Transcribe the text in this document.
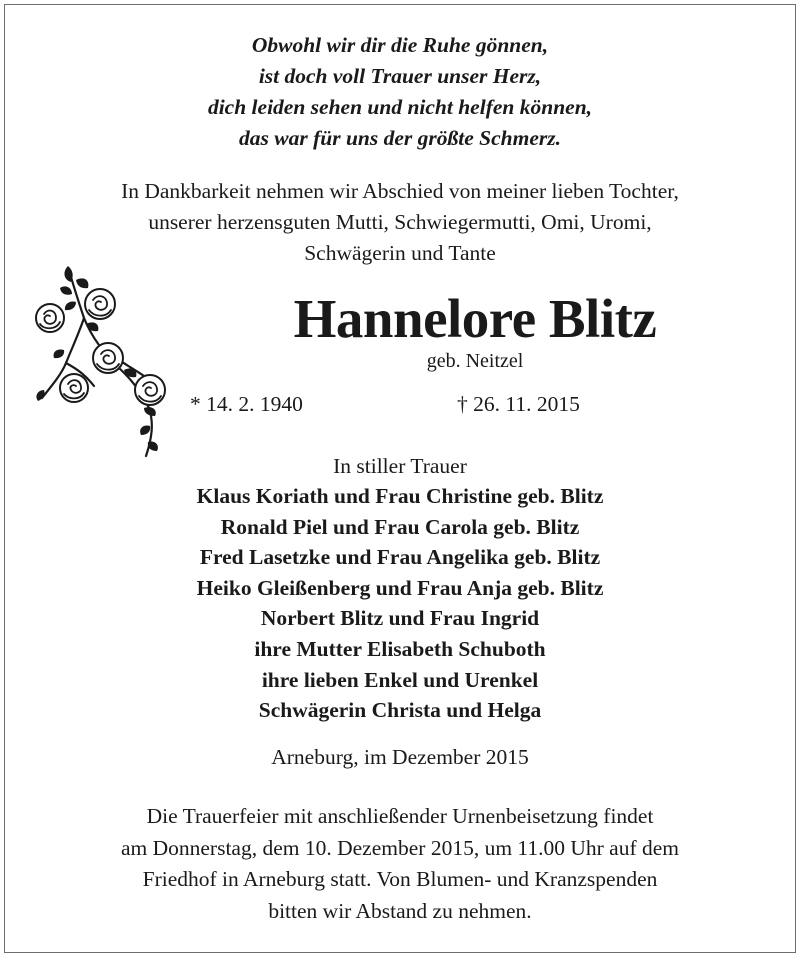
Obwohl wir dir die Ruhe gönnen,
ist doch voll Trauer unser Herz,
dich leiden sehen und nicht helfen können,
das war für uns der größte Schmerz.
In Dankbarkeit nehmen wir Abschied von meiner lieben Tochter,
unserer herzensguten Mutti, Schwiegermutti, Omi, Uromi,
Schwägerin und Tante
Hannelore Blitz
geb. Neitzel
* 14. 2. 1940	† 26. 11. 2015
In stiller Trauer
Klaus Koriath und Frau Christine geb. Blitz
Ronald Piel und Frau Carola geb. Blitz
Fred Lasetzke und Frau Angelika geb. Blitz
Heiko Gleißenberg und Frau Anja geb. Blitz
Norbert Blitz und Frau Ingrid
ihre Mutter Elisabeth Schuboth
ihre lieben Enkel und Urenkel
Schwägerin Christa und Helga
Arneburg, im Dezember 2015
Die Trauerfeier mit anschließender Urnenbeisetzung findet
am Donnerstag, dem 10. Dezember 2015, um 11.00 Uhr auf dem
Friedhof in Arneburg statt. Von Blumen- und Kranzspenden
bitten wir Abstand zu nehmen.
